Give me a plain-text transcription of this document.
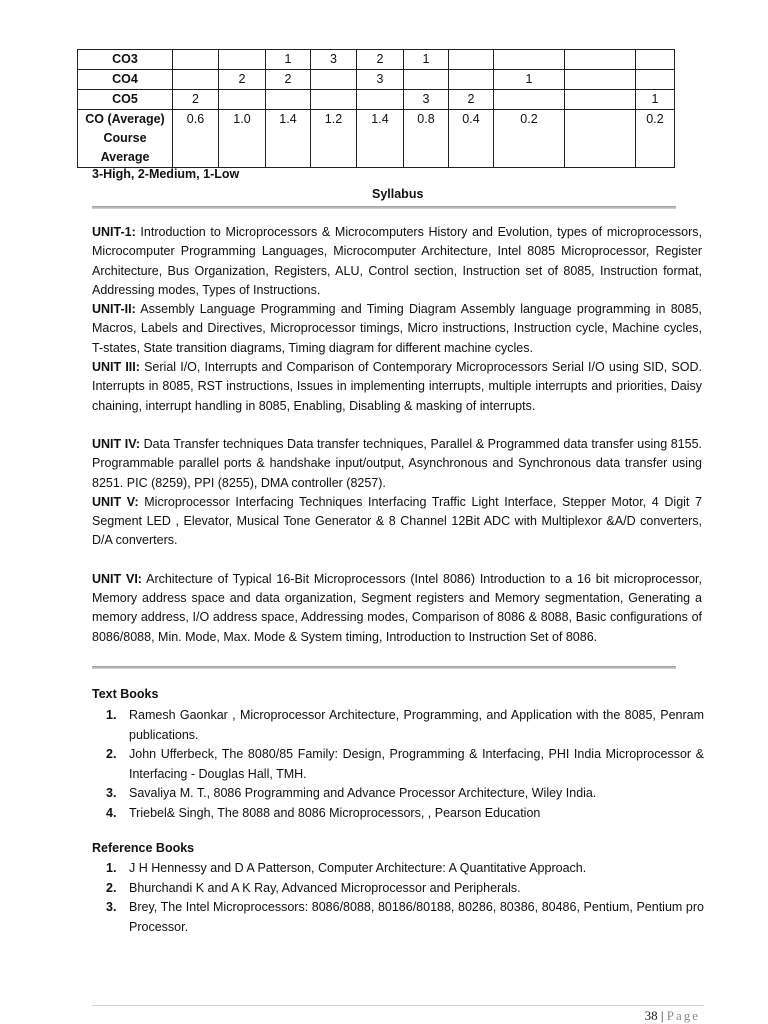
CO3			1	3	2	1				
CO4		2	2		3			1		
CO5	2					3	2			1

CO (Average)
Course
Average	0.6	1.0	1.4	1.2	1.4	0.8	0.4	0.2		0.2
3-High, 2-Medium, 1-Low
Syllabus

UNIT-1: Introduction to Microprocessors & Microcomputers History and Evolution, types of microprocessors, Microcomputer Programming Languages, Microcomputer Architecture, Intel 8085 Microprocessor, Register Architecture, Bus Organization, Registers, ALU, Control section, Instruction set of 8085, Instruction format, Addressing modes, Types of Instructions.

UNIT-II: Assembly Language Programming and Timing Diagram Assembly language programming in 8085, Macros, Labels and Directives, Microprocessor timings, Micro instructions, Instruction cycle, Machine cycles, T-states, State transition diagrams, Timing diagram for different machine cycles.

UNIT III: Serial I/O, Interrupts and Comparison of Contemporary Microprocessors Serial I/O using SID, SOD. Interrupts in 8085, RST instructions, Issues in implementing interrupts, multiple interrupts and priorities, Daisy chaining, interrupt handling in 8085, Enabling, Disabling & masking of interrupts.

UNIT IV: Data Transfer techniques Data transfer techniques, Parallel & Programmed data transfer using 8155. Programmable parallel ports & handshake input/output, Asynchronous and Synchronous data transfer using 8251. PIC (8259), PPI (8255), DMA controller (8257).

UNIT V: Microprocessor Interfacing Techniques Interfacing Traffic Light Interface, Stepper Motor, 4 Digit 7 Segment LED , Elevator, Musical Tone Generator & 8 Channel 12Bit ADC with Multiplexor &A/D converters, D/A converters.

UNIT VI: Architecture of Typical 16-Bit Microprocessors (Intel 8086) Introduction to a 16 bit microprocessor, Memory address space and data organization, Segment registers and Memory segmentation, Generating a memory address, I/O address space, Addressing modes, Comparison of 8086 & 8088, Basic configurations of 8086/8088, Min. Mode, Max. Mode & System timing, Introduction to Instruction Set of 8086.

Text Books
1. Ramesh Gaonkar , Microprocessor Architecture, Programming, and Application with the 8085, Penram publications.
2. John Ufferbeck, The 8080/85 Family: Design, Programming & Interfacing, PHI India Microprocessor & Interfacing - Douglas Hall, TMH.
3. Savaliya M. T., 8086 Programming and Advance Processor Architecture, Wiley India.
4. Triebel& Singh, The 8088 and 8086 Microprocessors, , Pearson Education
Reference Books
1. J H Hennessy and D A Patterson, Computer Architecture: A Quantitative Approach.
2. Bhurchandi K and A K Ray, Advanced Microprocessor and Peripherals.
3. Brey, The Intel Microprocessors: 8086/8088, 80186/80188, 80286, 80386, 80486, Pentium, Pentium pro Processor.
38 | Page
